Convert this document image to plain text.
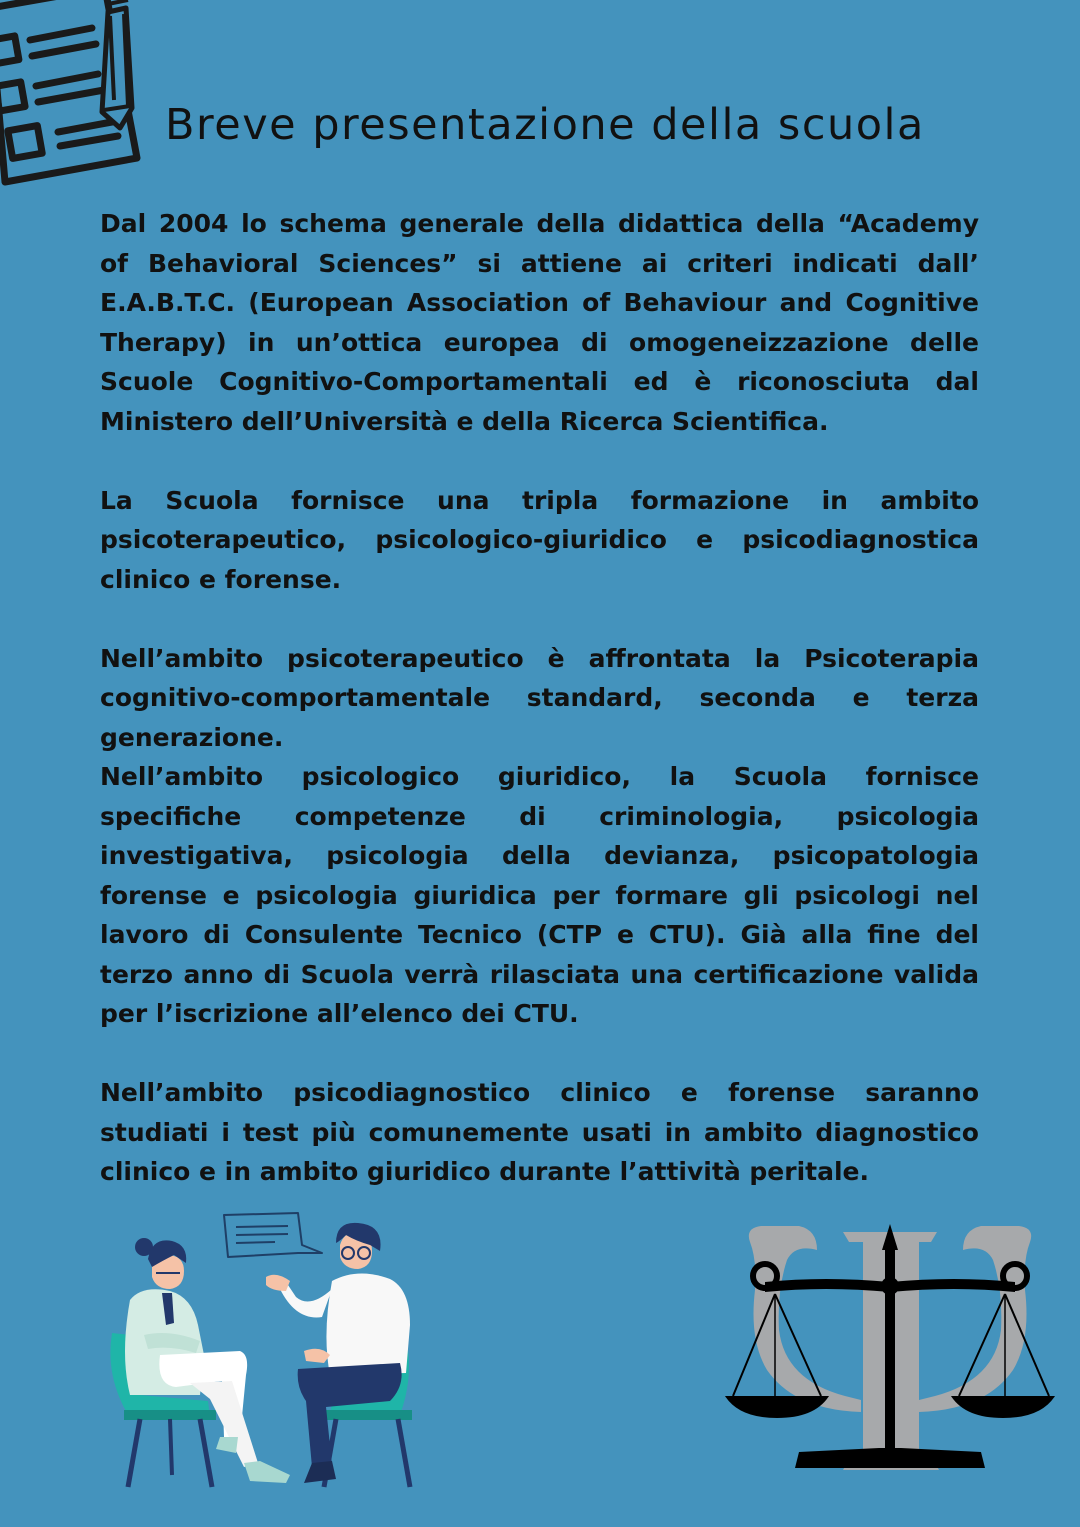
Breve presentazione della scuola

Dal 2004 lo schema generale della didattica della “Academy of Behavioral Sciences” si attiene ai criteri indicati dall’ E.A.B.T.C. (European Association of Behaviour and Cognitive Therapy) in un’ottica europea di omogeneizzazione delle Scuole Cognitivo-Comportamentali ed è riconosciuta dal Ministero dell’Università e della Ricerca Scientifica.

La Scuola fornisce una tripla formazione in ambito psicoterapeutico, psicologico-giuridico e psicodiagnostica clinico e forense.

Nell’ambito psicoterapeutico è affrontata la Psicoterapia cognitivo-comportamentale standard, seconda e terza generazione.

Nell’ambito psicologico giuridico, la Scuola fornisce specifiche competenze di criminologia, psicologia investigativa, psicologia della devianza, psicopatologia forense e psicologia giuridica per formare gli psicologi nel lavoro di Consulente Tecnico (CTP e CTU). Già alla fine del terzo anno di Scuola verrà rilasciata una certificazione valida per l’iscrizione all’elenco dei CTU.

Nell’ambito psicodiagnostico clinico e forense saranno studiati i test più comunemente usati in ambito diagnostico clinico e in ambito giuridico durante l’attività peritale.
